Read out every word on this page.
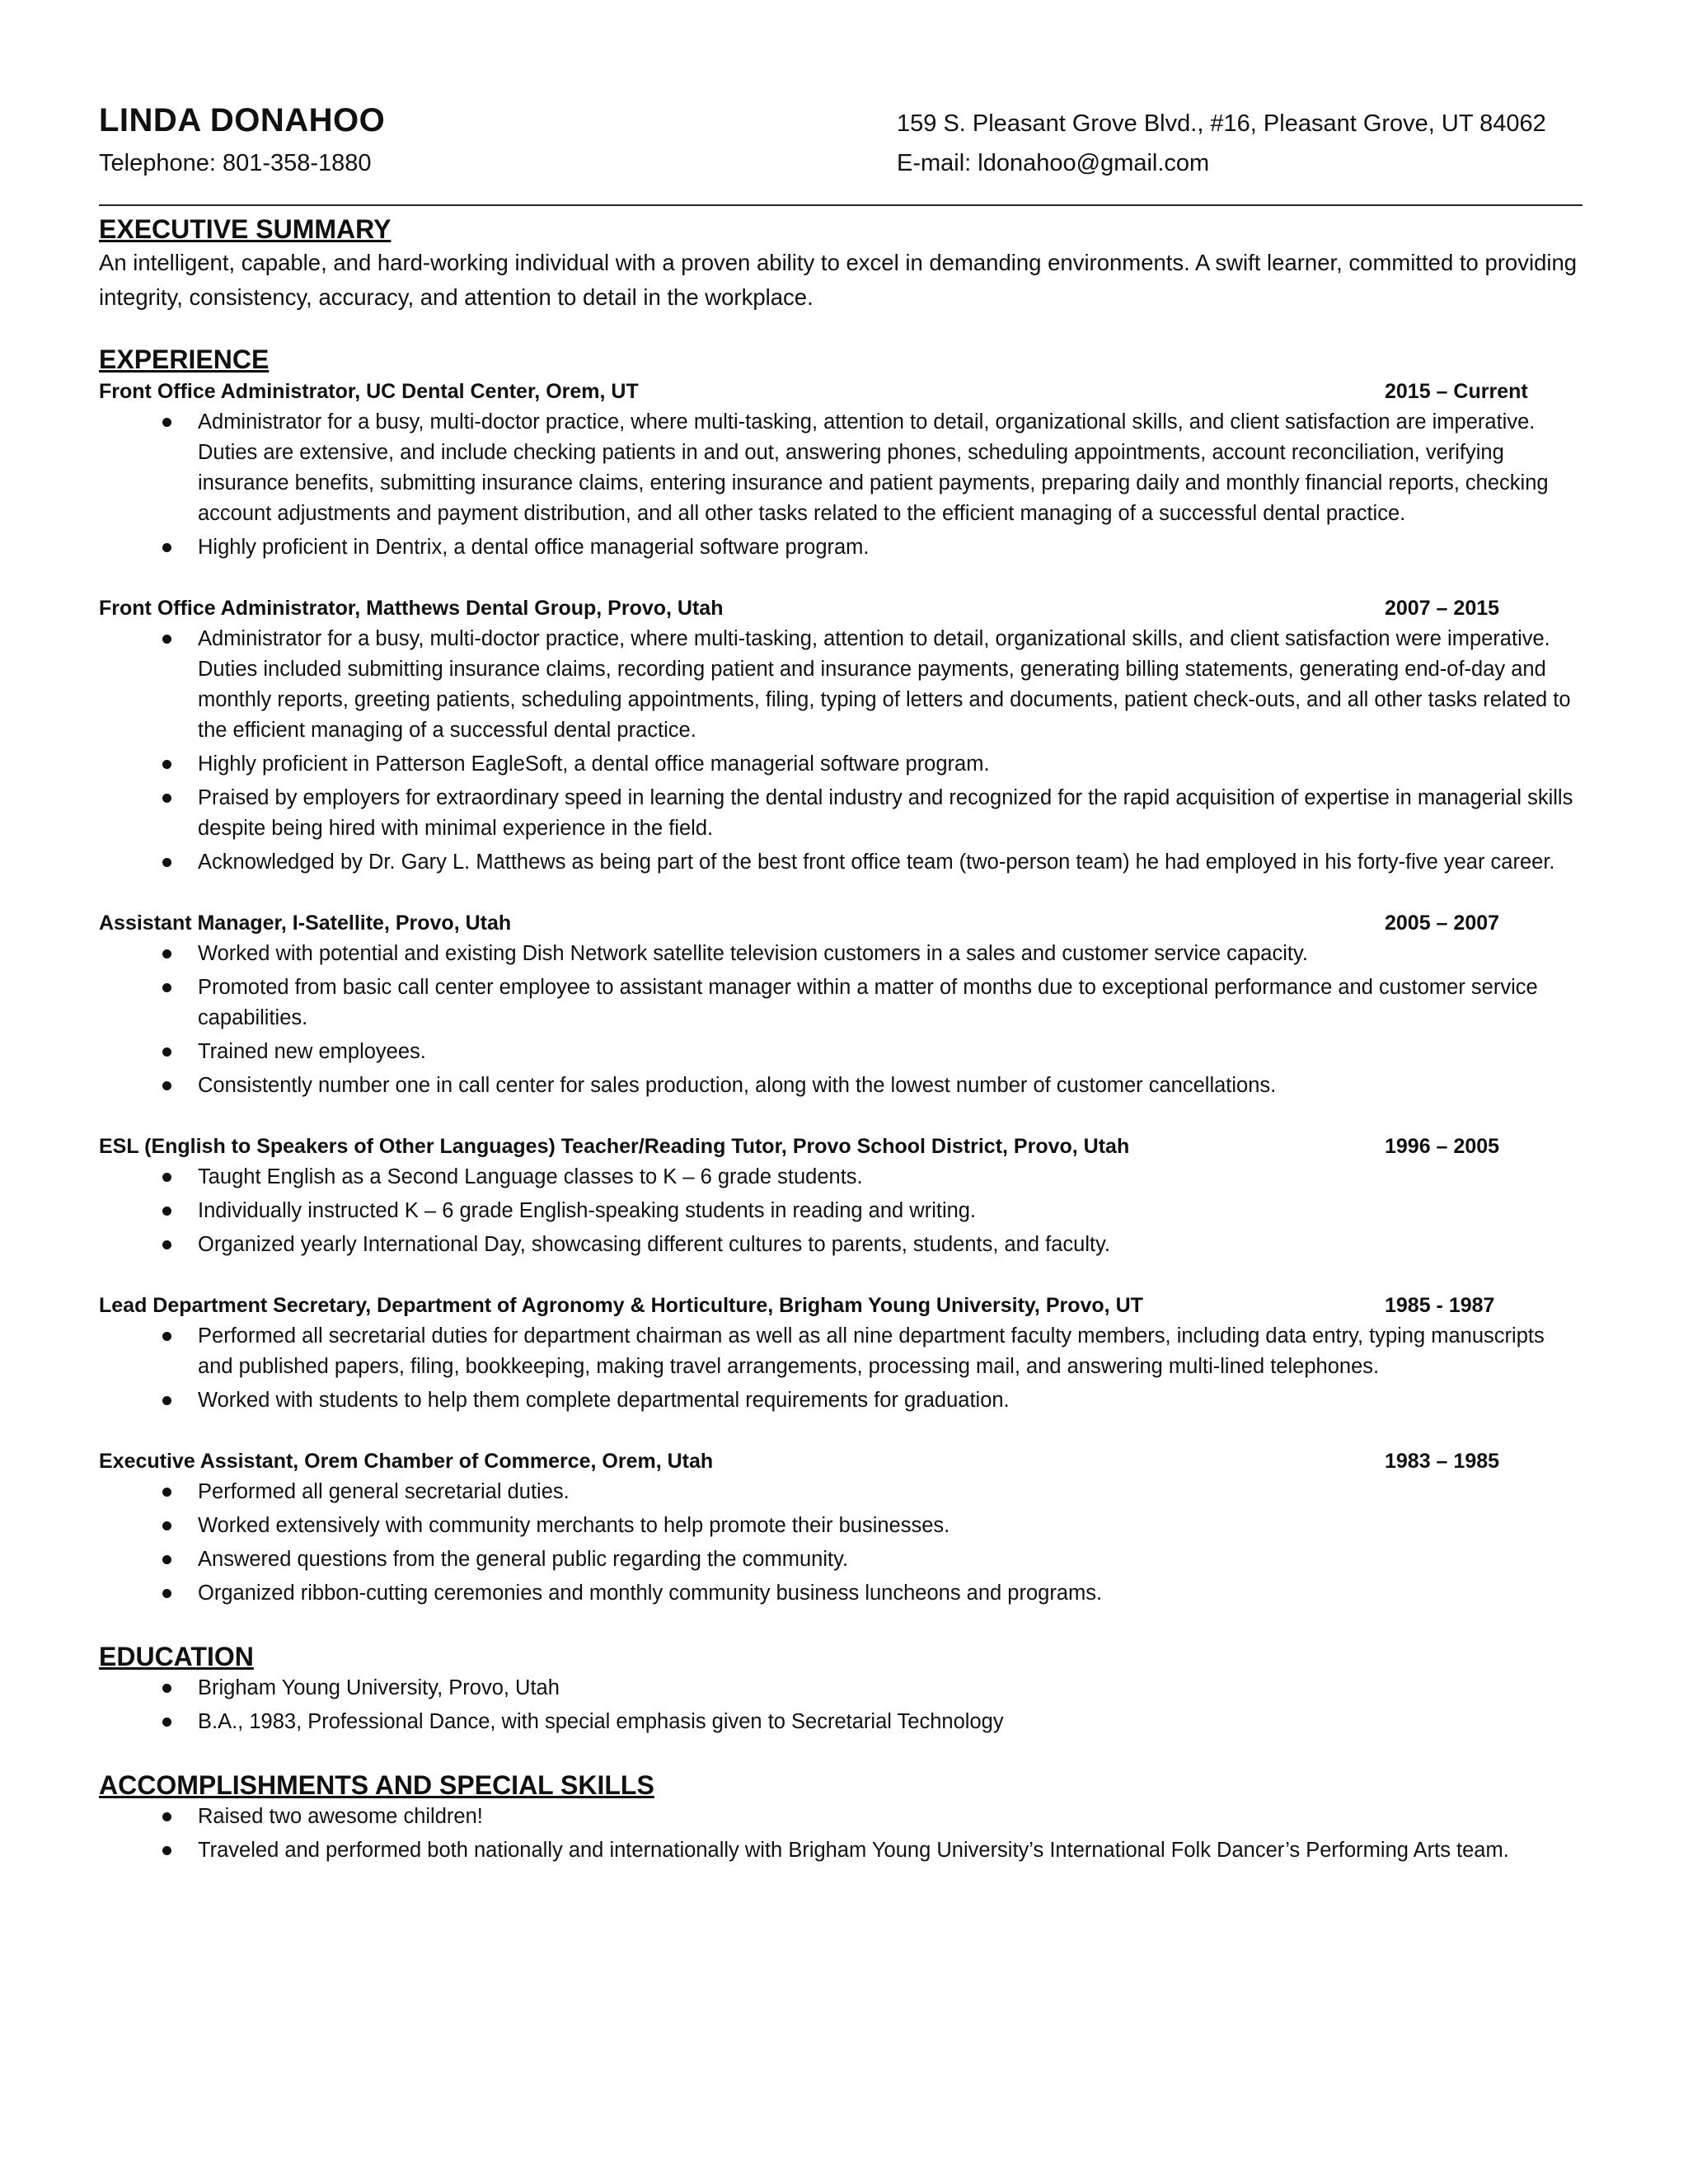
LINDA DONAHOO	159 S. Pleasant Grove Blvd., #16, Pleasant Grove, UT 84062
Telephone: 801-358-1880	E-mail: ldonahoo@gmail.com
EXECUTIVE SUMMARY

An intelligent, capable, and hard-working individual with a proven ability to excel in demanding environments. A swift learner, committed to providing integrity, consistency, accuracy, and attention to detail in the workplace.

EXPERIENCE
Front Office Administrator, UC Dental Center, Orem, UT	2015 – Current
Administrator for a busy, multi-doctor practice, where multi-tasking, attention to detail, organizational skills, and client satisfaction are imperative. Duties are extensive, and include checking patients in and out, answering phones, scheduling appointments, account reconciliation, verifying insurance benefits, submitting insurance claims, entering insurance and patient payments, preparing daily and monthly financial reports, checking account adjustments and payment distribution, and all other tasks related to the efficient managing of a successful dental practice.
Highly proficient in Dentrix, a dental office managerial software program.
Front Office Administrator, Matthews Dental Group, Provo, Utah	2007 – 2015
Administrator for a busy, multi-doctor practice, where multi-tasking, attention to detail, organizational skills, and client satisfaction were imperative. Duties included submitting insurance claims, recording patient and insurance payments, generating billing statements, generating end-of-day and monthly reports, greeting patients, scheduling appointments, filing, typing of letters and documents, patient check-outs, and all other tasks related to the efficient managing of a successful dental practice.
Highly proficient in Patterson EagleSoft, a dental office managerial software program.
Praised by employers for extraordinary speed in learning the dental industry and recognized for the rapid acquisition of expertise in managerial skills despite being hired with minimal experience in the field.
Acknowledged by Dr. Gary L. Matthews as being part of the best front office team (two-person team) he had employed in his forty-five year career.
Assistant Manager, I-Satellite, Provo, Utah	2005 – 2007
Worked with potential and existing Dish Network satellite television customers in a sales and customer service capacity.
Promoted from basic call center employee to assistant manager within a matter of months due to exceptional performance and customer service capabilities.
Trained new employees.
Consistently number one in call center for sales production, along with the lowest number of customer cancellations.
ESL (English to Speakers of Other Languages) Teacher/Reading Tutor, Provo School District, Provo, Utah	1996 – 2005
Taught English as a Second Language classes to K – 6 grade students.
Individually instructed K – 6 grade English-speaking students in reading and writing.
Organized yearly International Day, showcasing different cultures to parents, students, and faculty.
Lead Department Secretary, Department of Agronomy & Horticulture, Brigham Young University, Provo, UT	1985 - 1987
Performed all secretarial duties for department chairman as well as all nine department faculty members, including data entry, typing manuscripts and published papers, filing, bookkeeping, making travel arrangements, processing mail, and answering multi-lined telephones.
Worked with students to help them complete departmental requirements for graduation.
Executive Assistant, Orem Chamber of Commerce, Orem, Utah	1983 – 1985
Performed all general secretarial duties.
Worked extensively with community merchants to help promote their businesses.
Answered questions from the general public regarding the community.
Organized ribbon-cutting ceremonies and monthly community business luncheons and programs.
EDUCATION
Brigham Young University, Provo, Utah
B.A., 1983, Professional Dance, with special emphasis given to Secretarial Technology
ACCOMPLISHMENTS AND SPECIAL SKILLS
Raised two awesome children!
Traveled and performed both nationally and internationally with Brigham Young University’s International Folk Dancer’s Performing Arts team.
